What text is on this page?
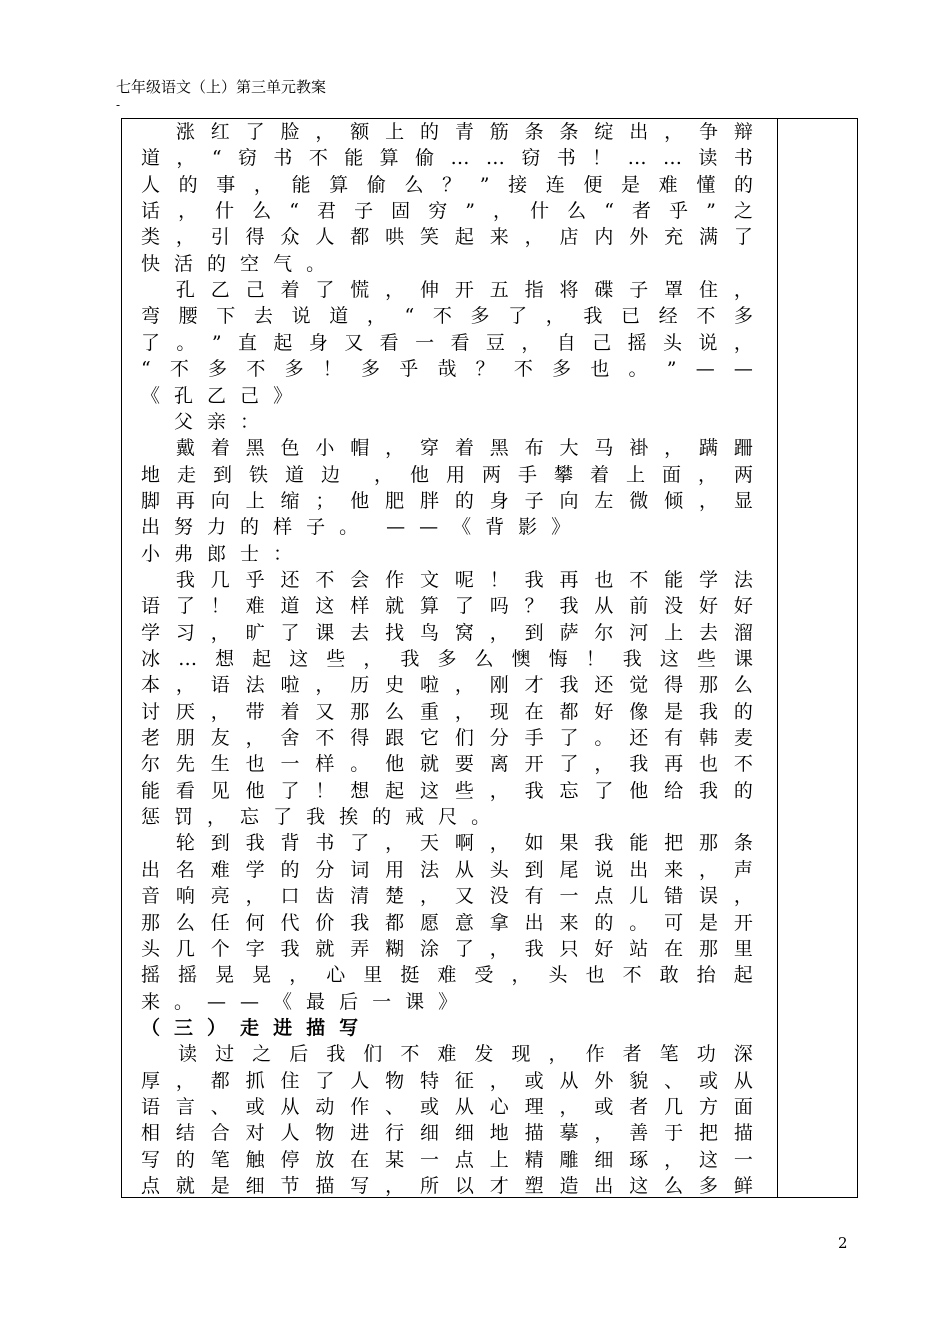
七年级语文（上）第三单元教案
-

涨 红 了 脸 ， 额 上 的 青 筋 条 条 绽 出 ， 争 辩
道 ， “ 窃 书 不 能 算 偷 … … 窃 书 ！ … … 读 书
人 的 事 ， 能 算 偷 么 ？ ” 接 连 便 是 难 懂 的
话 ， 什 么 “ 君 子 固 穷 ” ， 什 么 “ 者 乎 ” 之
类 ， 引 得 众 人 都 哄 笑 起 来 ， 店 内 外 充 满 了
快 活 的 空 气 。

孔 乙 己 着 了 慌 ， 伸 开 五 指 将 碟 子 罩 住 ，
弯 腰 下 去 说 道 ， “ 不 多 了 ， 我 已 经 不 多
了 。 ” 直 起 身 又 看 一 看 豆 ， 自 己 摇 头 说 ，
“ 不 多 不 多 ！ 多 乎 哉 ？ 不 多 也 。 ” — —
《 孔 乙 己 》

父 亲 ：

戴 着 黑 色 小 帽 ， 穿 着 黑 布 大 马 褂 ， 蹒 跚
地 走 到 铁 道 边 ， 他 用 两 手 攀 着 上 面 ， 两
脚 再 向 上 缩 ； 他 肥 胖 的 身 子 向 左 微 倾 ， 显
出 努 力 的 样 子 。 — — 《 背 影 》
小 弗 郎 士 ：

我 几 乎 还 不 会 作 文 呢 ！ 我 再 也 不 能 学 法
语 了 ！ 难 道 这 样 就 算 了 吗 ？ 我 从 前 没 好 好
学 习 ， 旷 了 课 去 找 鸟 窝 ， 到 萨 尔 河 上 去 溜
冰 … 想 起 这 些 ， 我 多 么 懊 悔 ！ 我 这 些 课
本 ， 语 法 啦 ， 历 史 啦 ， 刚 才 我 还 觉 得 那 么
讨 厌 ， 带 着 又 那 么 重 ， 现 在 都 好 像 是 我 的
老 朋 友 ， 舍 不 得 跟 它 们 分 手 了 。 还 有 韩 麦
尔 先 生 也 一 样 。 他 就 要 离 开 了 ， 我 再 也 不
能 看 见 他 了 ！ 想 起 这 些 ， 我 忘 了 他 给 我 的
惩 罚 ， 忘 了 我 挨 的 戒 尺 。

轮 到 我 背 书 了 ， 天 啊 ， 如 果 我 能 把 那 条
出 名 难 学 的 分 词 用 法 从 头 到 尾 说 出 来 ， 声
音 响 亮 ， 口 齿 清 楚 ， 又 没 有 一 点 儿 错 误 ，
那 么 任 何 代 价 我 都 愿 意 拿 出 来 的 。 可 是 开
头 几 个 字 我 就 弄 糊 涂 了 ， 我 只 好 站 在 那 里
摇 摇 晃 晃 ， 心 里 挺 难 受 ， 头 也 不 敢 抬 起
来 。 — — 《 最 后 一 课 》
（ 三 ） 走 进 描 写

读 过 之 后 我 们 不 难 发 现 ， 作 者 笔 功 深
厚 ， 都 抓 住 了 人 物 特 征 ， 或 从 外 貌 、 或 从
语 言 、 或 从 动 作 、 或 从 心 理 ， 或 者 几 方 面
相 结 合 对 人 物 进 行 细 细 地 描 摹 ， 善 于 把 描
写 的 笔 触 停 放 在 某 一 点 上 精 雕 细 琢 ， 这 一
点 就 是 细 节 描 写 ， 所 以 才 塑 造 出 这 么 多 鲜
2
